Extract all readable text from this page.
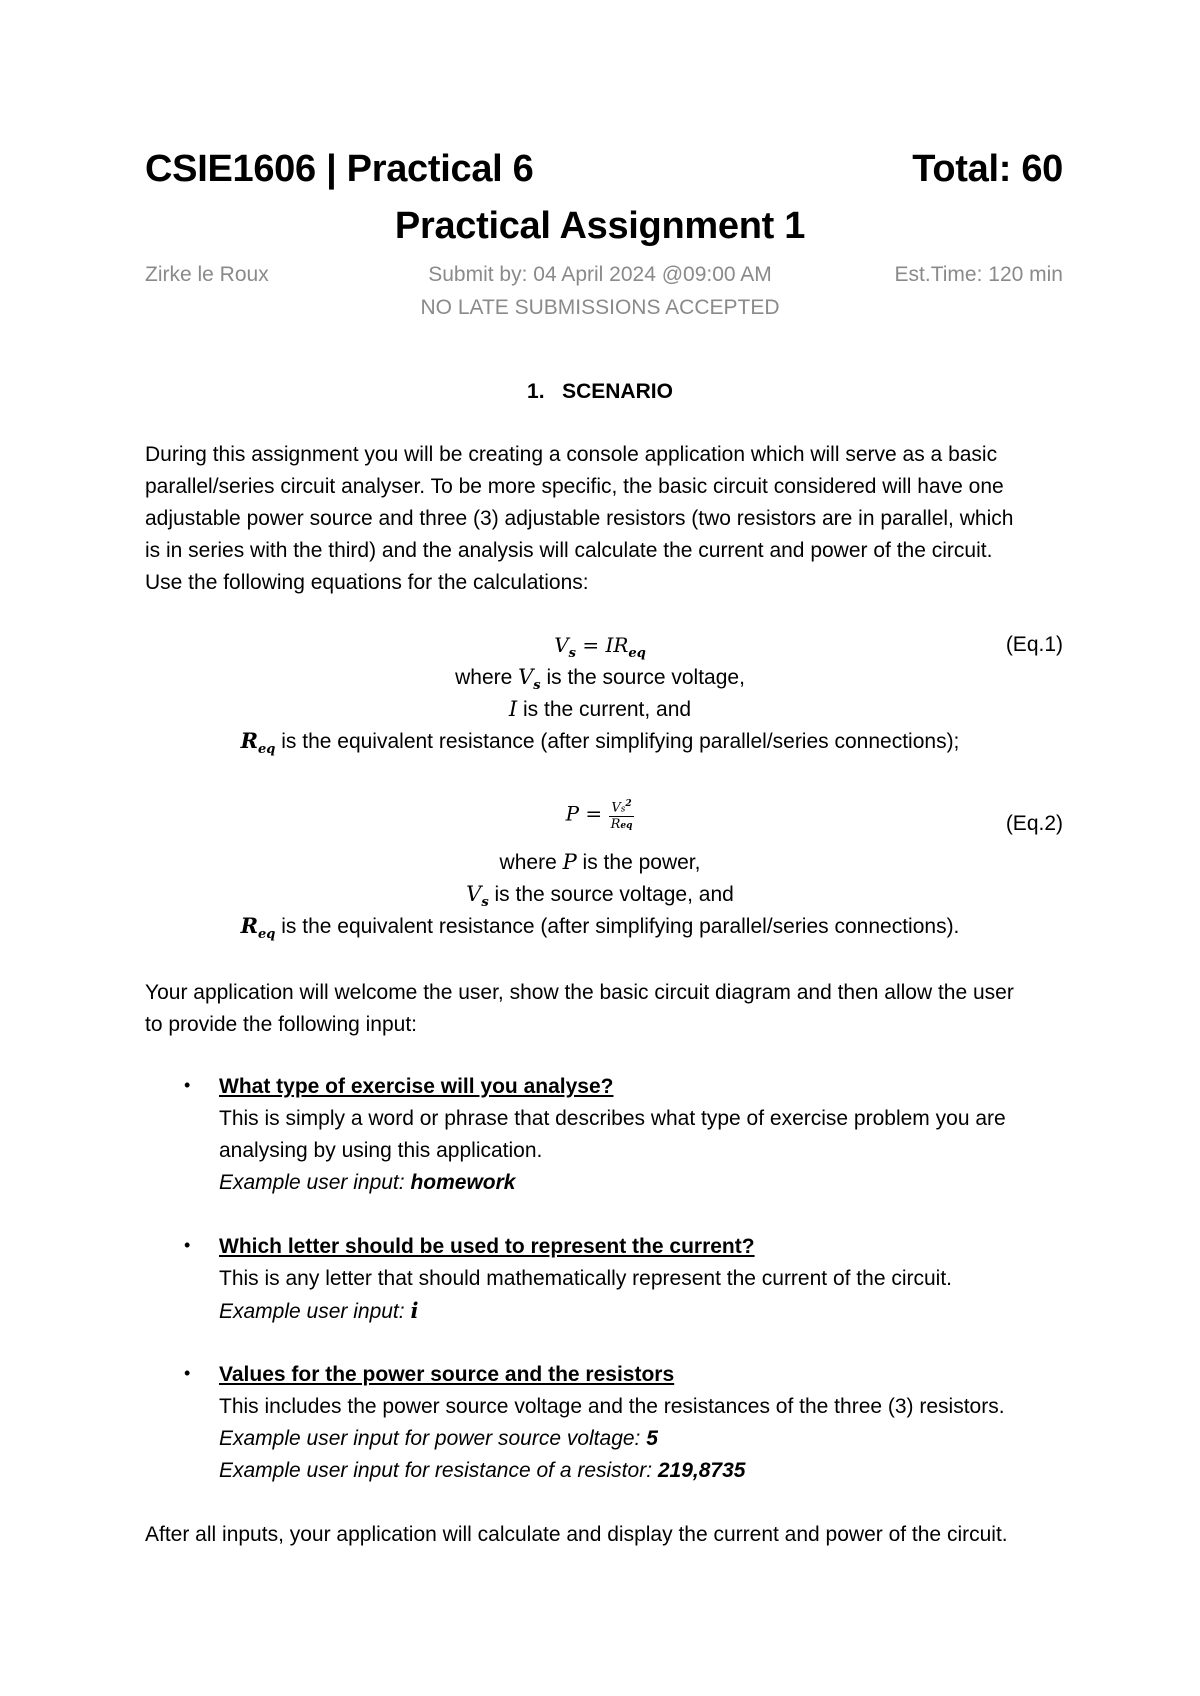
CSIE1606 | Practical 6	Total: 60
Practical Assignment 1
Zirke le Roux	Submit by: 04 April 2024 @09:00 AM	Est.Time: 120 min
NO LATE SUBMISSIONS ACCEPTED
1. SCENARIO
During this assignment you will be creating a console application which will serve as a basic
parallel/series circuit analyser. To be more specific, the basic circuit considered will have one
adjustable power source and three (3) adjustable resistors (two resistors are in parallel, which
is in series with the third) and the analysis will calculate the current and power of the circuit.
Use the following equations for the calculations:
$V_s = IR_{eq}$	(Eq.1)
where $V_s$ is the source voltage,
I is the current, and
$R_{eq}$ is the equivalent resistance (after simplifying parallel/series connections);
$P = \frac{Vs^2}{\text{Req}}$	(Eq.2)
where P is the power,
$V_s$ is the source voltage, and
$R_{eq}$ is the equivalent resistance (after simplifying parallel/series connections).
Your application will welcome the user, show the basic circuit diagram and then allow the user
to provide the following input:
• What type of exercise will you analyse?
This is simply a word or phrase that describes what type of exercise problem you are
analysing by using this application.
Example user input: homework
• Which letter should be used to represent the current?
This is any letter that should mathematically represent the current of the circuit.
Example user input: i
• Values for the power source and the resistors
This includes the power source voltage and the resistances of the three (3) resistors.
Example user input for power source voltage: 5
Example user input for resistance of a resistor: 219,8735
After all inputs, your application will calculate and display the current and power of the circuit.
